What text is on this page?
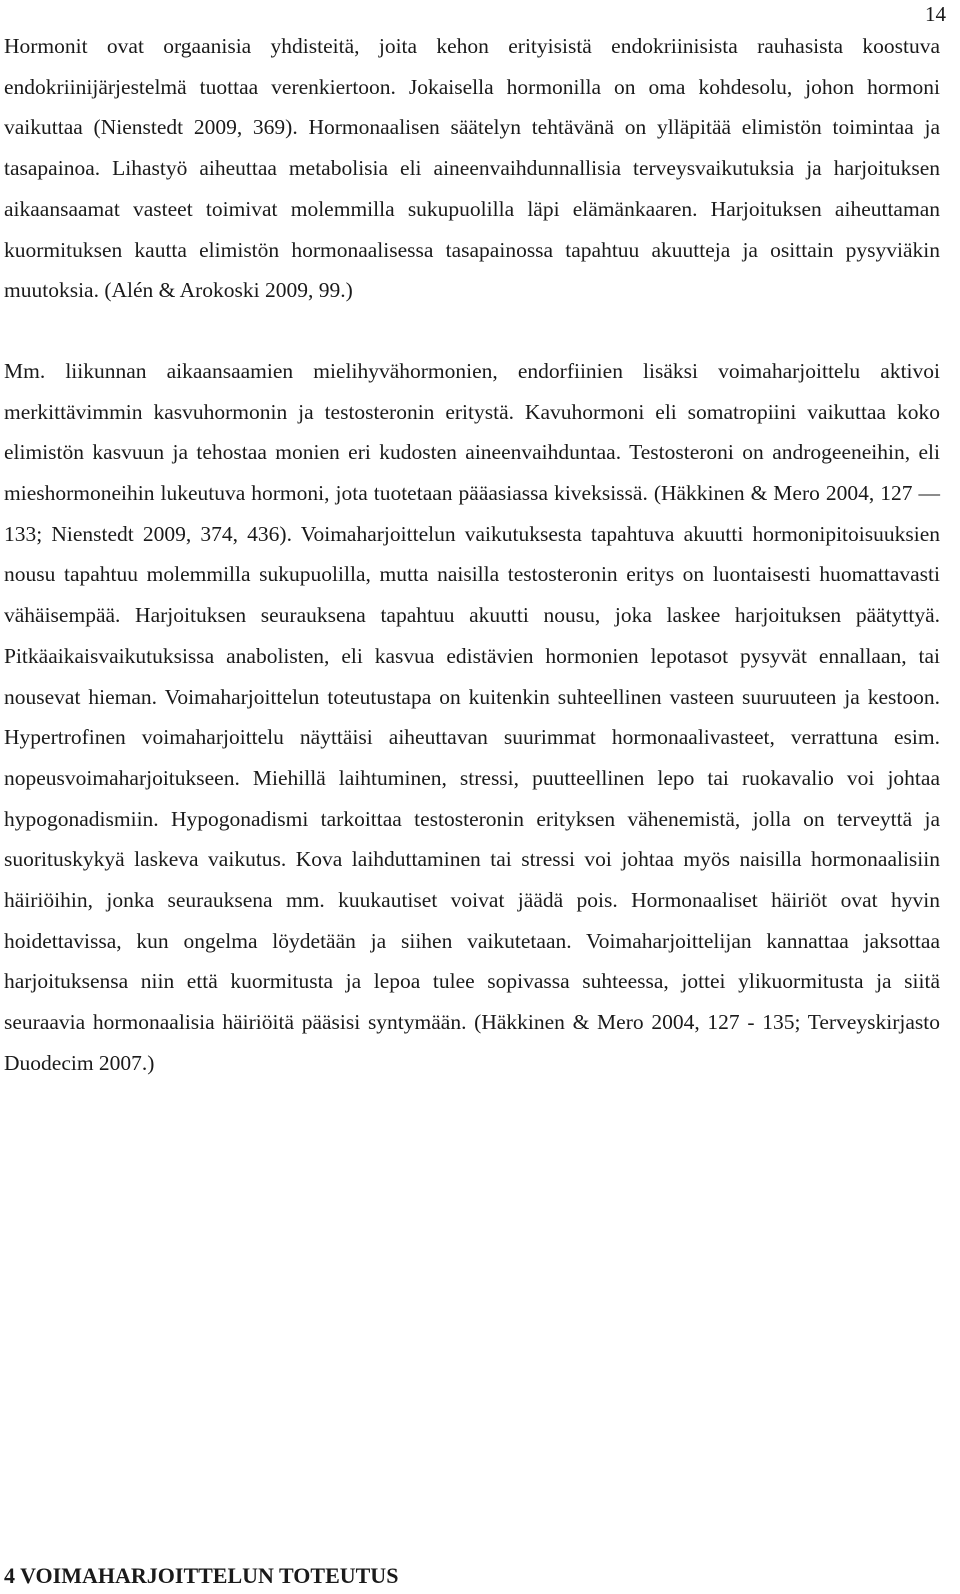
14

Hormonit ovat orgaanisia yhdisteitä, joita kehon erityisistä endokriinisista rauhasista koostuva endokriinijärjestelmä tuottaa verenkiertoon. Jokaisella hormonilla on oma kohdesolu, johon hormoni vaikuttaa (Nienstedt 2009, 369). Hormonaalisen säätelyn tehtävänä on ylläpitää elimistön toimintaa ja tasapainoa. Lihastyö aiheuttaa metabolisia eli aineenvaihdunnallisia terveysvaikutuksia ja harjoituksen aikaansaamat vasteet toimivat molemmilla sukupuolilla läpi elämänkaaren. Harjoituksen aiheuttaman kuormituksen kautta elimistön hormonaalisessa tasapainossa tapahtuu akuutteja ja osittain pysyviäkin muutoksia. (Alén & Arokoski 2009, 99.)

Mm. liikunnan aikaansaamien mielihyvähormonien, endorfiinien lisäksi voimaharjoittelu aktivoi merkittävimmin kasvuhormonin ja testosteronin eritystä. Kavuhormoni eli somatropiini vaikuttaa koko elimistön kasvuun ja tehostaa monien eri kudosten aineenvaihduntaa. Testosteroni on androgeeneihin, eli mieshormoneihin lukeutuva hormoni, jota tuotetaan pääasiassa kiveksissä. (Häkkinen & Mero 2004, 127 — 133; Nienstedt 2009, 374, 436). Voimaharjoittelun vaikutuksesta tapahtuva akuutti hormonipitoisuuksien nousu tapahtuu molemmilla sukupuolilla, mutta naisilla testosteronin eritys on luontaisesti huomattavasti vähäisempää. Harjoituksen seurauksena tapahtuu akuutti nousu, joka laskee harjoituksen päätyttyä. Pitkäaikaisvaikutuksissa anabolisten, eli kasvua edistävien hormonien lepotasot pysyvät ennallaan, tai nousevat hieman. Voimaharjoittelun toteutustapa on kuitenkin suhteellinen vasteen suuruuteen ja kestoon. Hypertrofinen voimaharjoittelu näyttäisi aiheuttavan suurimmat hormonaalivasteet, verrattuna esim. nopeusvoimaharjoitukseen. Miehillä laihtuminen, stressi, puutteellinen lepo tai ruokavalio voi johtaa hypogonadismiin. Hypogonadismi tarkoittaa testosteronin erityksen vähenemistä, jolla on terveyttä ja suorituskykyä laskeva vaikutus. Kova laihduttaminen tai stressi voi johtaa myös naisilla hormonaalisiin häiriöihin, jonka seurauksena mm. kuukautiset voivat jäädä pois. Hormonaaliset häiriöt ovat hyvin hoidettavissa, kun ongelma löydetään ja siihen vaikutetaan. Voimaharjoittelijan kannattaa jaksottaa harjoituksensa niin että kuormitusta ja lepoa tulee sopivassa suhteessa, jottei ylikuormitusta ja siitä seuraavia hormonaalisia häiriöitä pääsisi syntymään. (Häkkinen & Mero 2004, 127 - 135; Terveyskirjasto Duodecim 2007.)

4 VOIMAHARJOITTELUN TOTEUTUS
